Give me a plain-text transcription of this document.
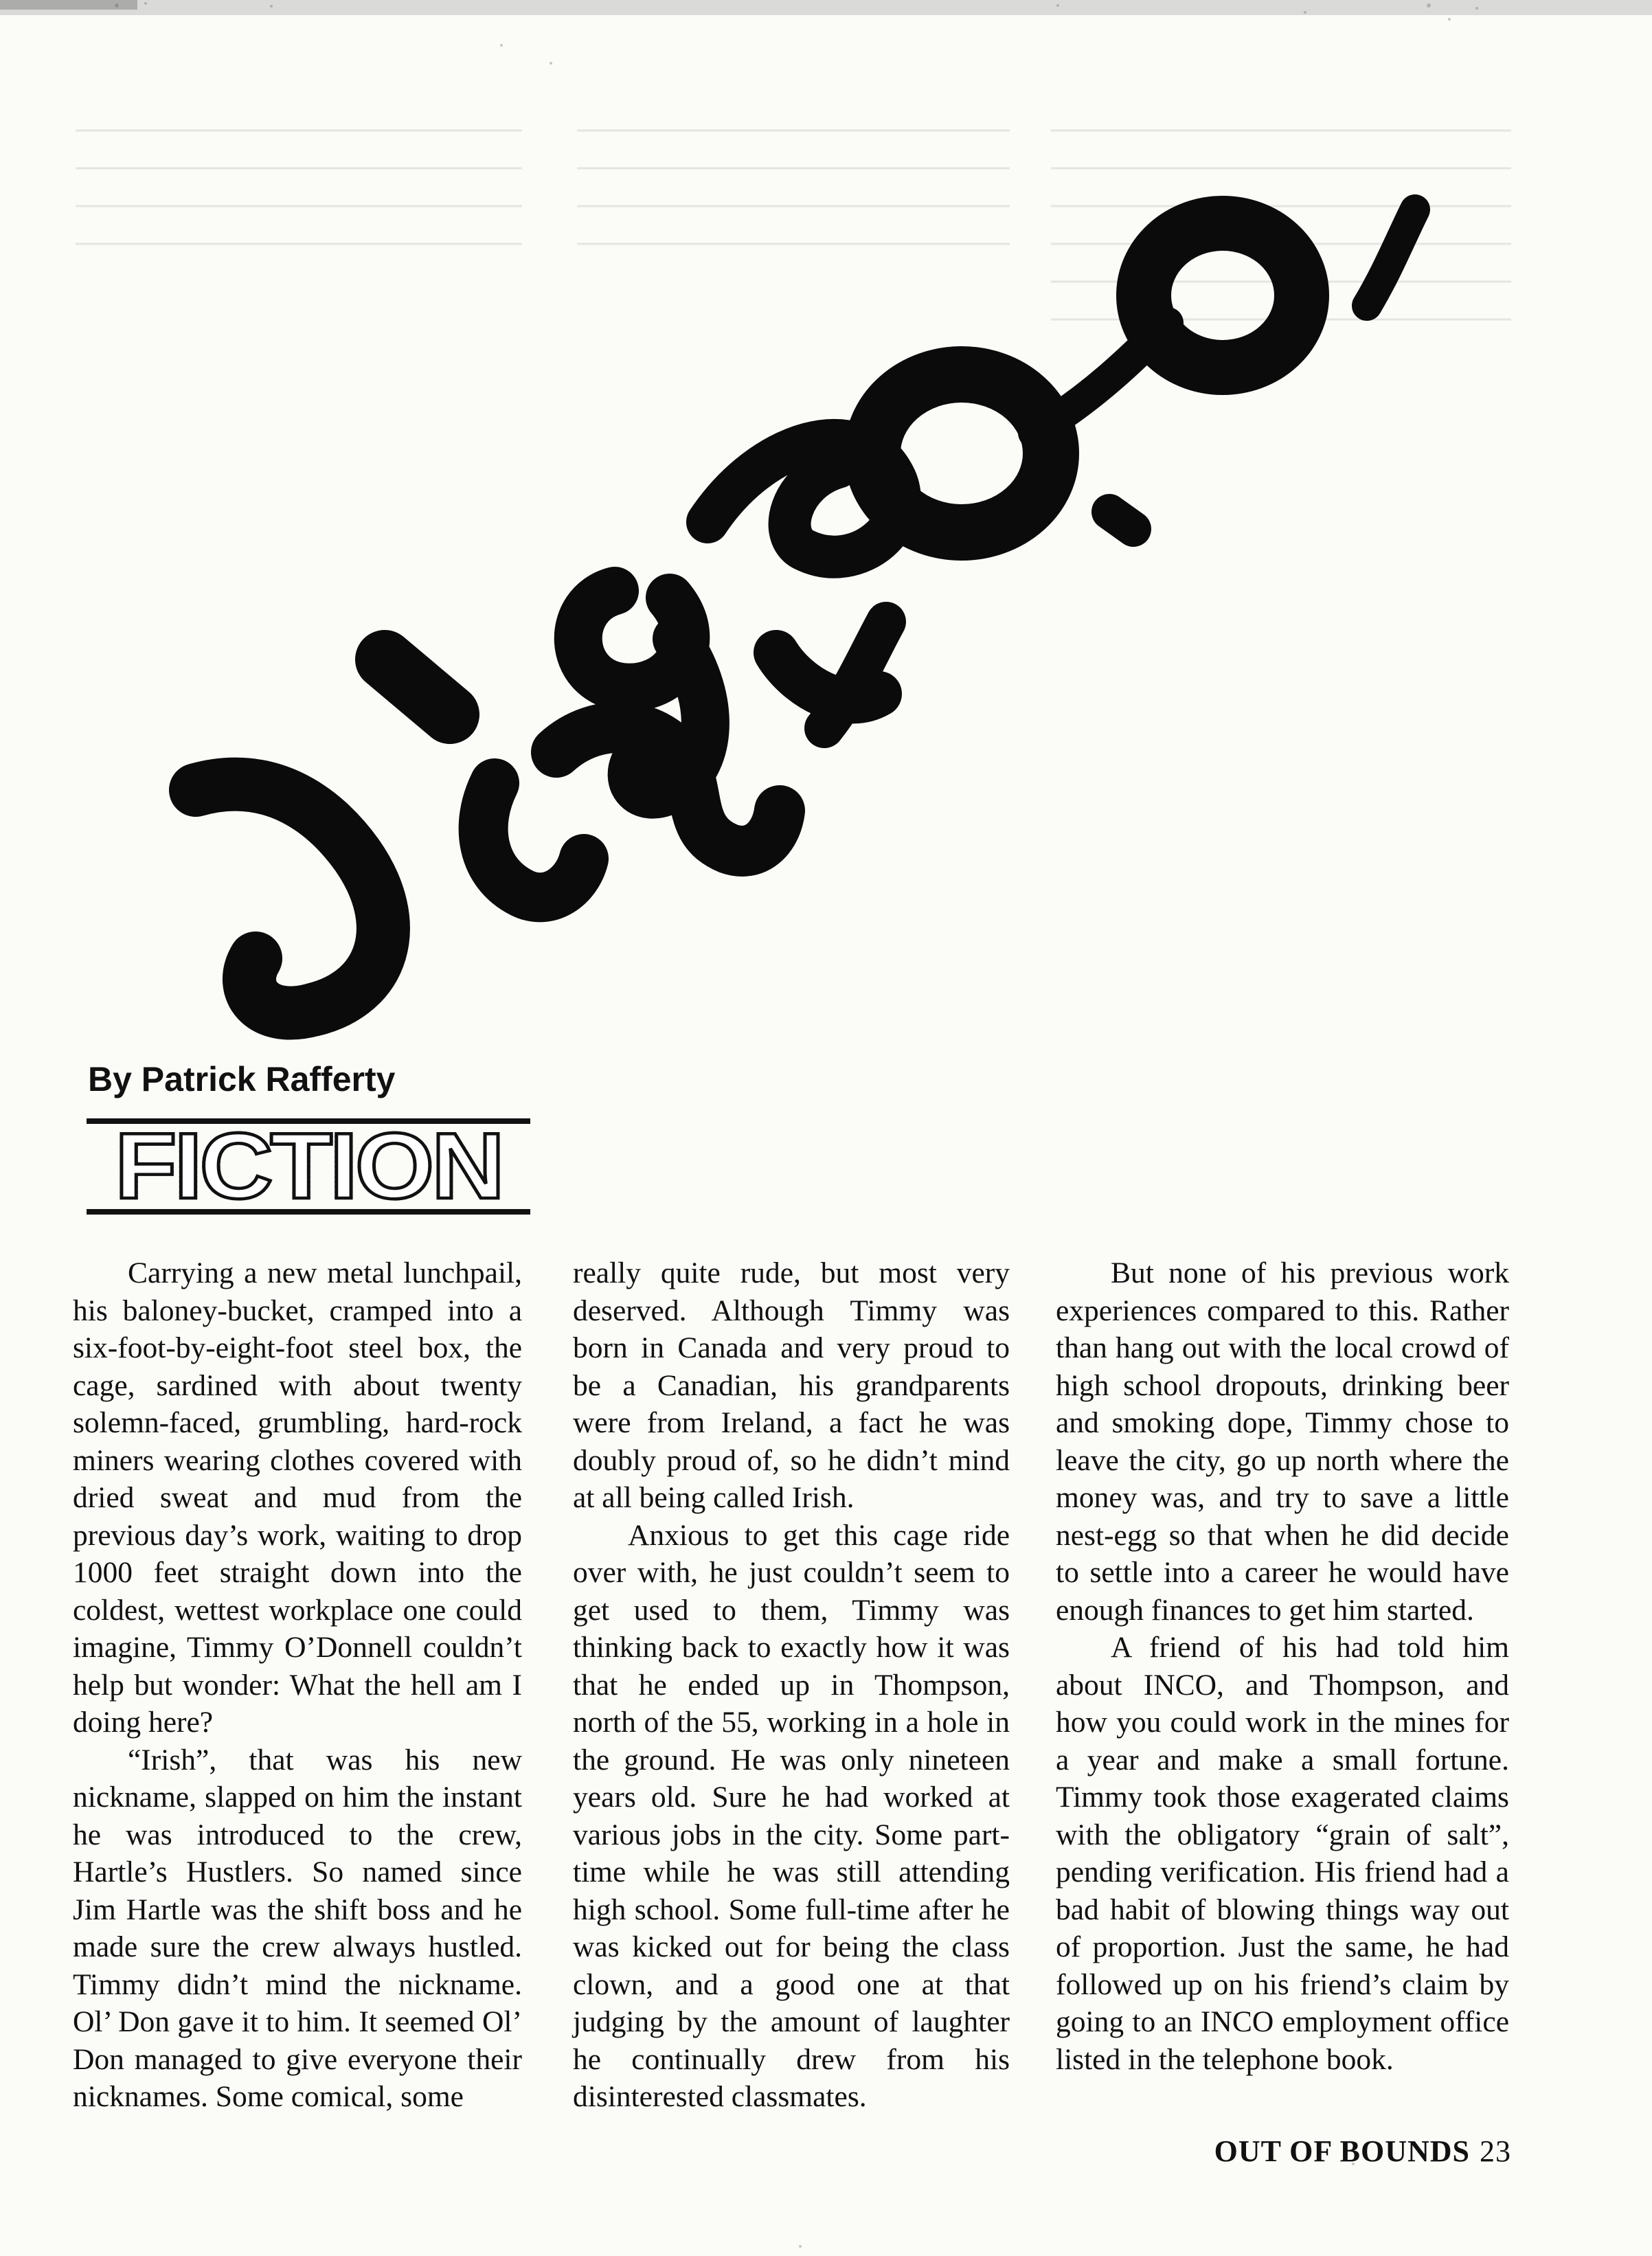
By Patrick Rafferty
FICTION

Carrying a new metal lunchpail, his baloney-bucket, cramped into a six-foot-by-eight-foot steel box, the cage, sardined with about twenty solemn-faced, grumbling, hard-rock miners wearing clothes covered with dried sweat and mud from the previous day’s work, waiting to drop 1000 feet straight down into the coldest, wettest workplace one could imagine, Timmy O’Donnell couldn’t help but wonder: What the hell am I doing here?

“Irish”, that was his new nickname, slapped on him the instant he was introduced to the crew, Hartle’s Hustlers. So named since Jim Hartle was the shift boss and he made sure the crew always hustled. Timmy didn’t mind the nickname. Ol’ Don gave it to him. It seemed Ol’ Don managed to give everyone their nicknames. Some comical, some

really quite rude, but most very deserved. Although Timmy was born in Canada and very proud to be a Canadian, his grandparents were from Ireland, a fact he was doubly proud of, so he didn’t mind at all being called Irish.

Anxious to get this cage ride over with, he just couldn’t seem to get used to them, Timmy was thinking back to exactly how it was that he ended up in Thompson, north of the 55, working in a hole in the ground. He was only nineteen years old. Sure he had worked at various jobs in the city. Some part-time while he was still attending high school. Some full-time after he was kicked out for being the class clown, and a good one at that judging by the amount of laughter he continually drew from his disinterested classmates.

But none of his previous work experiences compared to this. Rather than hang out with the local crowd of high school dropouts, drinking beer and smoking dope, Timmy chose to leave the city, go up north where the money was, and try to save a little nest-egg so that when he did decide to settle into a career he would have enough finances to get him started.

A friend of his had told him about INCO, and Thompson, and how you could work in the mines for a year and make a small fortune. Timmy took those exagerated claims with the obligatory “grain of salt”, pending verification. His friend had a bad habit of blowing things way out of proportion. Just the same, he had followed up on his friend’s claim by going to an INCO employment office listed in the telephone book.

OUT OF BOUNDS 23
